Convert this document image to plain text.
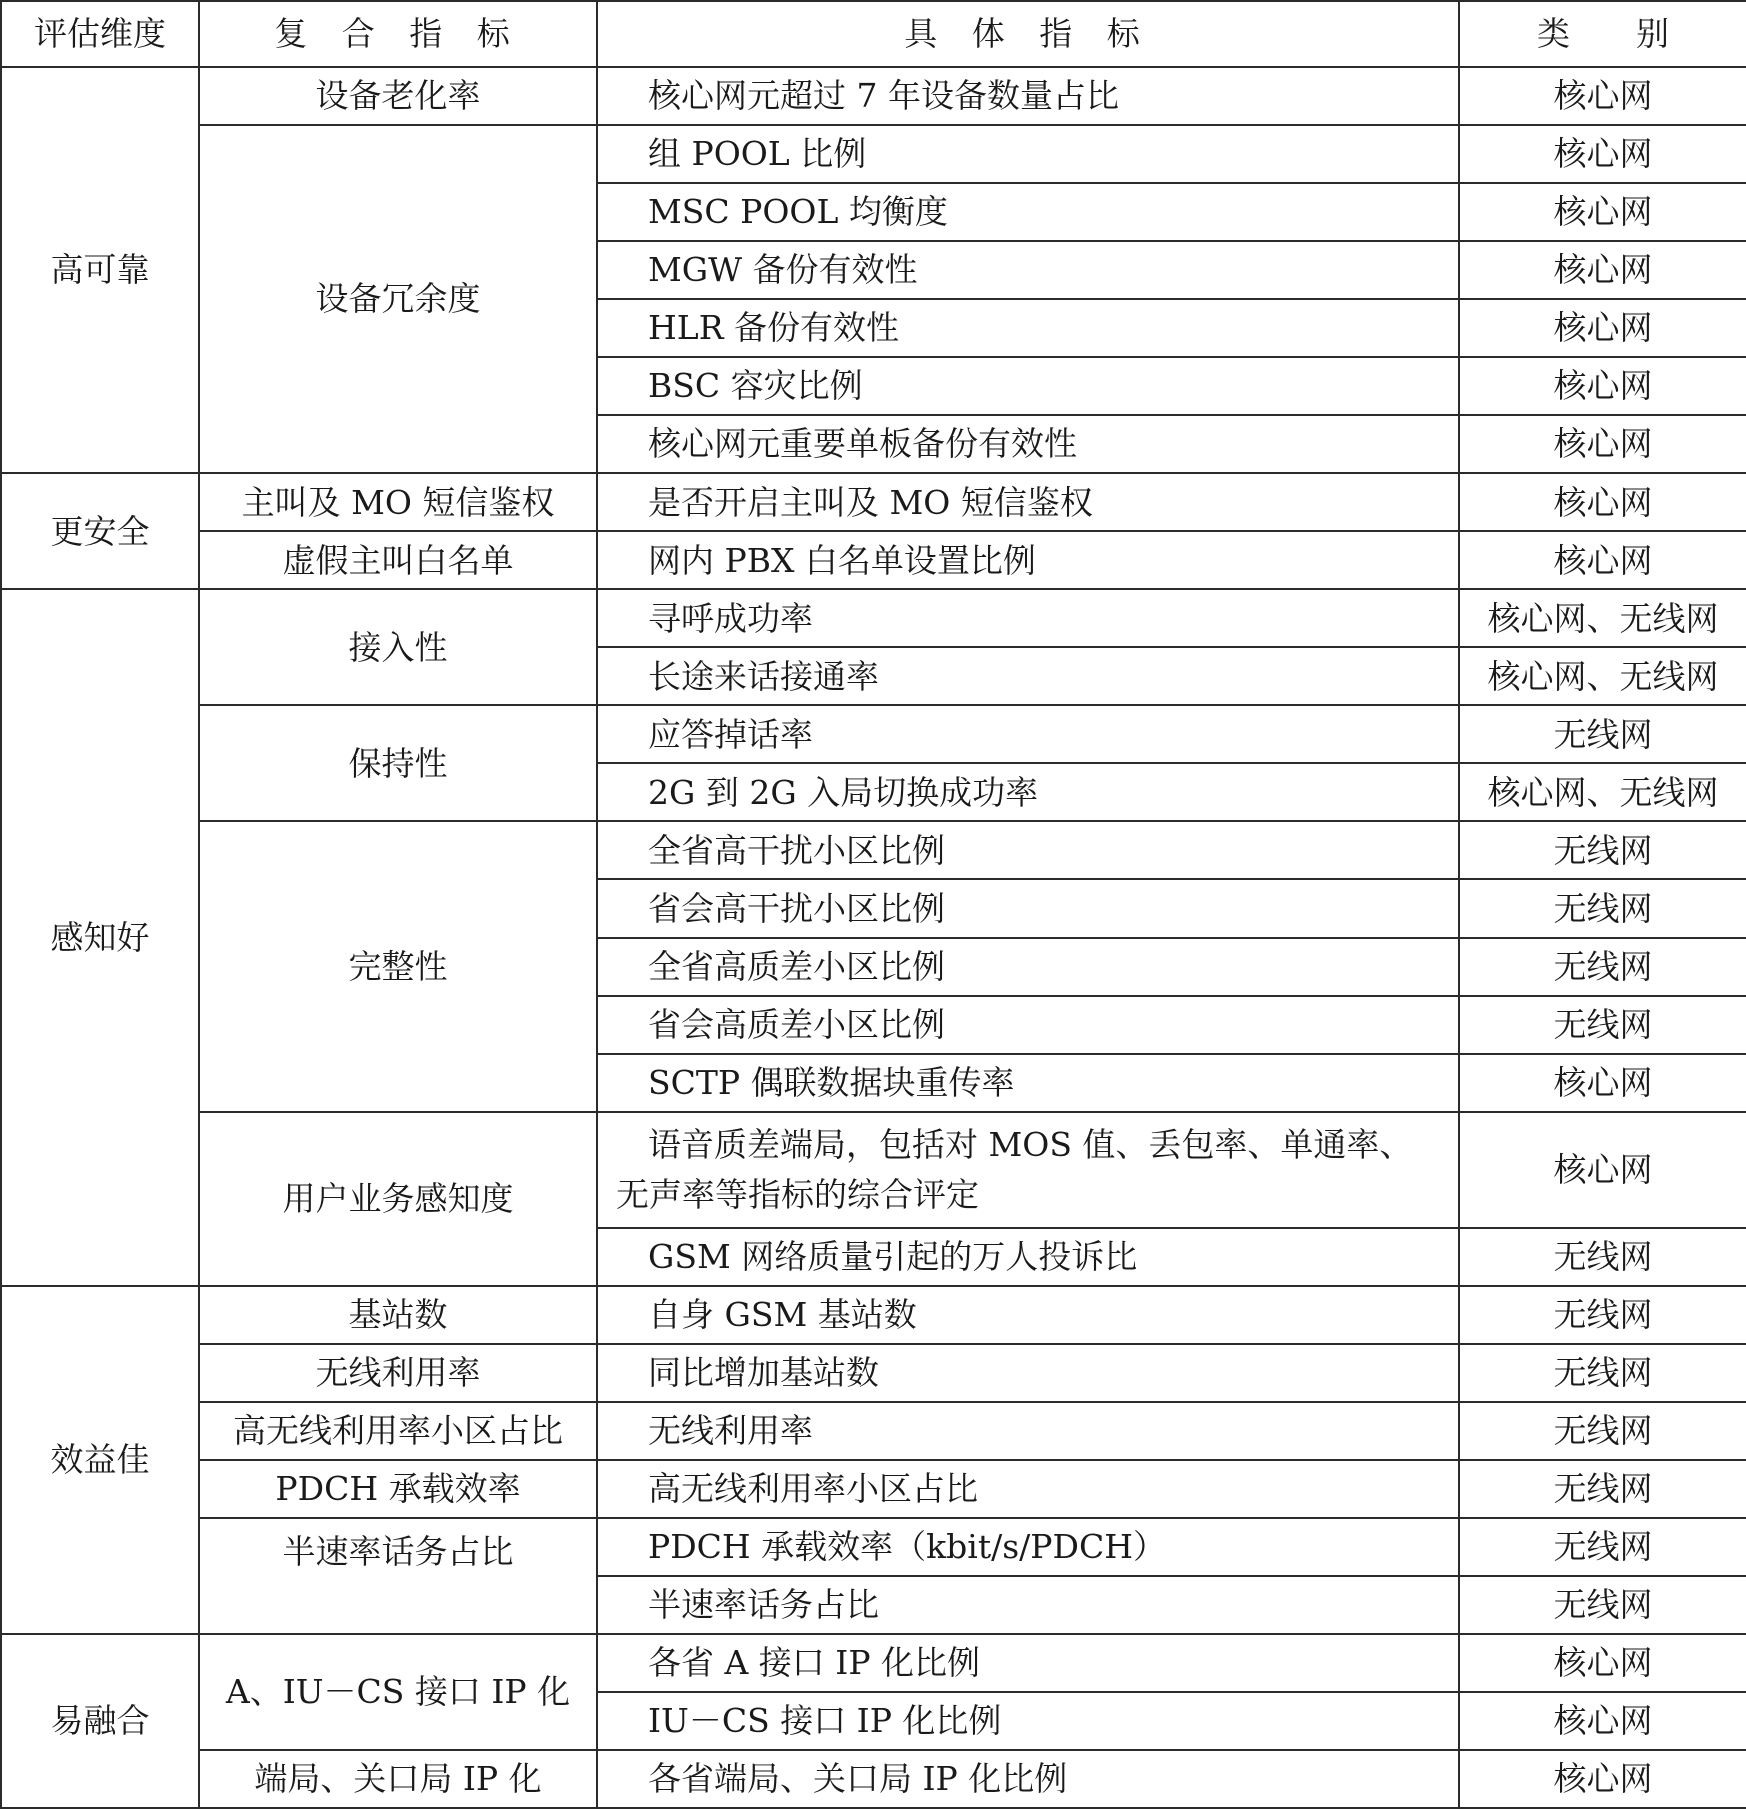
评估维度	复 合 指 标	具 体 指 标	类　　别
高可靠	设备老化率	核心网元超过 7 年设备数量占比	核心网
	设备冗余度	组 POOL 比例	核心网
		MSC POOL 均衡度	核心网
		MGW 备份有效性	核心网
		HLR 备份有效性	核心网
		BSC 容灾比例	核心网
		核心网元重要单板备份有效性	核心网
更安全	主叫及 MO 短信鉴权	是否开启主叫及 MO 短信鉴权	核心网
	虚假主叫白名单	网内 PBX 白名单设置比例	核心网
感知好	接入性	寻呼成功率	核心网、无线网
		长途来话接通率	核心网、无线网
	保持性	应答掉话率	无线网
		2G 到 2G 入局切换成功率	核心网、无线网
	完整性	全省高干扰小区比例	无线网
		省会高干扰小区比例	无线网
		全省高质差小区比例	无线网
		省会高质差小区比例	无线网
		SCTP 偶联数据块重传率	核心网
	用户业务感知度	语音质差端局，包括对 MOS 值、丢包率、单通率、无声率等指标的综合评定	核心网
		GSM 网络质量引起的万人投诉比	无线网
效益佳	基站数	自身 GSM 基站数	无线网
	无线利用率	同比增加基站数	无线网
	高无线利用率小区占比	无线利用率	无线网
	PDCH 承载效率	高无线利用率小区占比	无线网
	半速率话务占比	PDCH 承载效率（kbit/s/PDCH）	无线网
		半速率话务占比	无线网
易融合	A、IU－CS 接口 IP 化	各省 A 接口 IP 化比例	核心网
		IU－CS 接口 IP 化比例	核心网
	端局、关口局 IP 化	各省端局、关口局 IP 化比例	核心网
